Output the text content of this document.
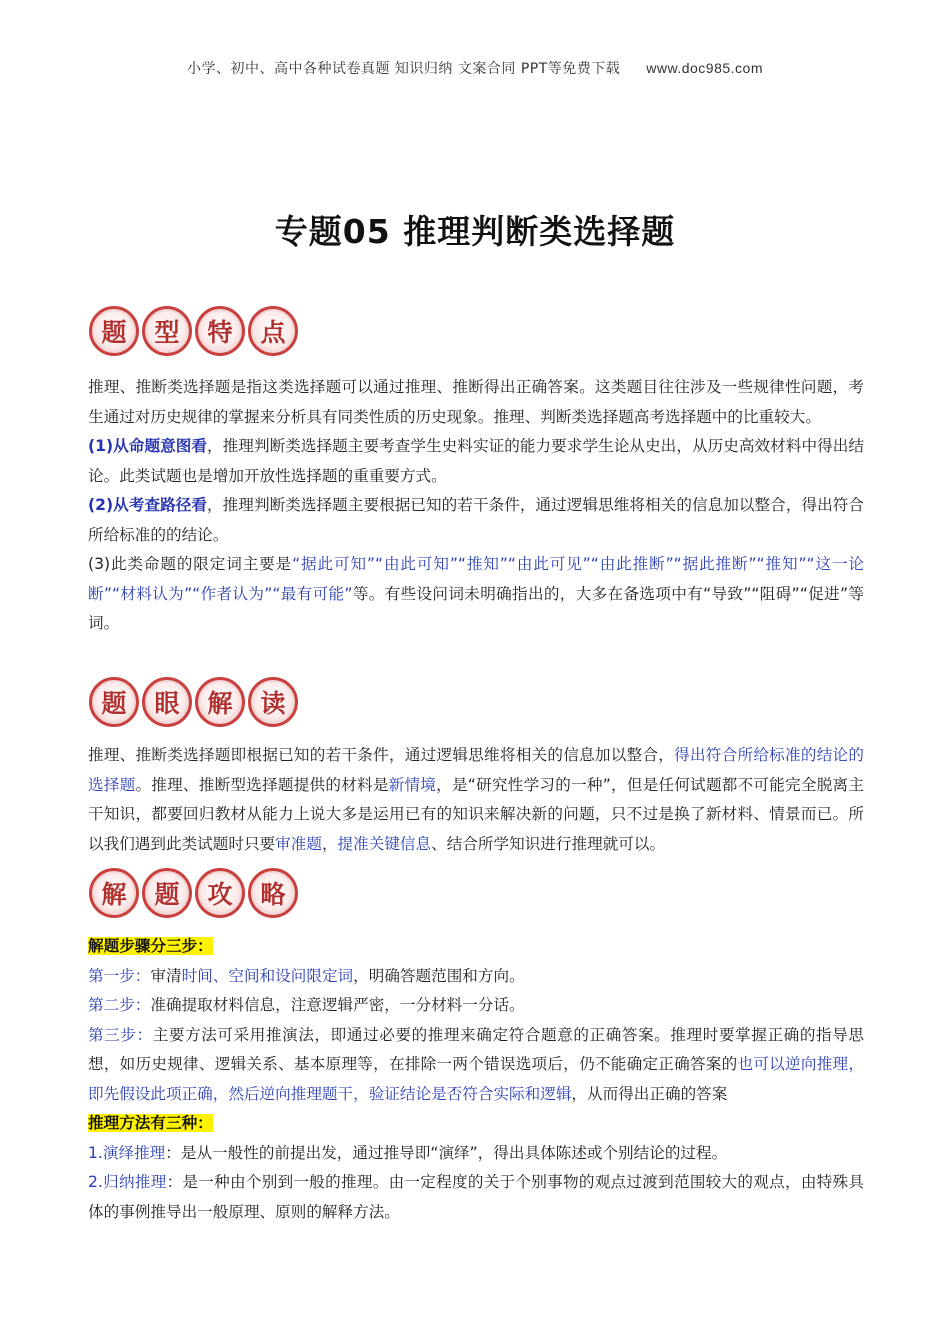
小学、初中、高中各种试卷真题 知识归纳 文案合同 PPT等免费下载 www.doc985.com
专题05 推理判断类选择题
题	型	特	点
推理、推断类选择题是指这类选择题可以通过推理、推断得出正确答案。这类题目往往涉及一些规律性问题，考生通过对历史规律的掌握来分析具有同类性质的历史现象。推理、判断类选择题高考选择题中的比重较大。
(1)从命题意图看，推理判断类选择题主要考查学生史料实证的能力要求学生论从史出，从历史高效材料中得出结论。此类试题也是增加开放性选择题的重重要方式。
(2)从考查路径看，推理判断类选择题主要根据已知的若干条件，通过逻辑思维将相关的信息加以整合，得出符合所给标准的的结论。
(3)此类命题的限定词主要是“据此可知”“由此可知”“推知”“由此可见”“由此推断”“据此推断”“推知”“这一论断”“材料认为”“作者认为”“最有可能”等。有些设问词未明确指出的，大多在备选项中有“导致”“阻碍”“促进”等词。
题	眼	解	读
推理、推断类选择题即根据已知的若干条件，通过逻辑思维将相关的信息加以整合，得出符合所给标准的结论的选择题。推理、推断型选择题提供的材料是新情境，是“研究性学习的一种”，但是任何试题都不可能完全脱离主干知识，都要回归教材从能力上说大多是运用已有的知识来解决新的问题，只不过是换了新材料、情景而已。所以我们遇到此类试题时只要审准题，提准关键信息、结合所学知识进行推理就可以。
解	题	攻	略
解题步骤分三步：
第一步：审清时间、空间和设问限定词，明确答题范围和方向。
第二步：准确提取材料信息，注意逻辑严密，一分材料一分话。
第三步：主要方法可采用推演法，即通过必要的推理来确定符合题意的正确答案。推理时要掌握正确的指导思想，如历史规律、逻辑关系、基本原理等，在排除一两个错误选项后，仍不能确定正确答案的也可以逆向推理，即先假设此项正确，然后逆向推理题干，验证结论是否符合实际和逻辑，从而得出正确的答案
推理方法有三种：
1.演绎推理：是从一般性的前提出发，通过推导即“演绎”，得出具体陈述或个别结论的过程。
2.归纳推理：是一种由个别到一般的推理。由一定程度的关于个别事物的观点过渡到范围较大的观点，由特殊具体的事例推导出一般原理、原则的解释方法。
